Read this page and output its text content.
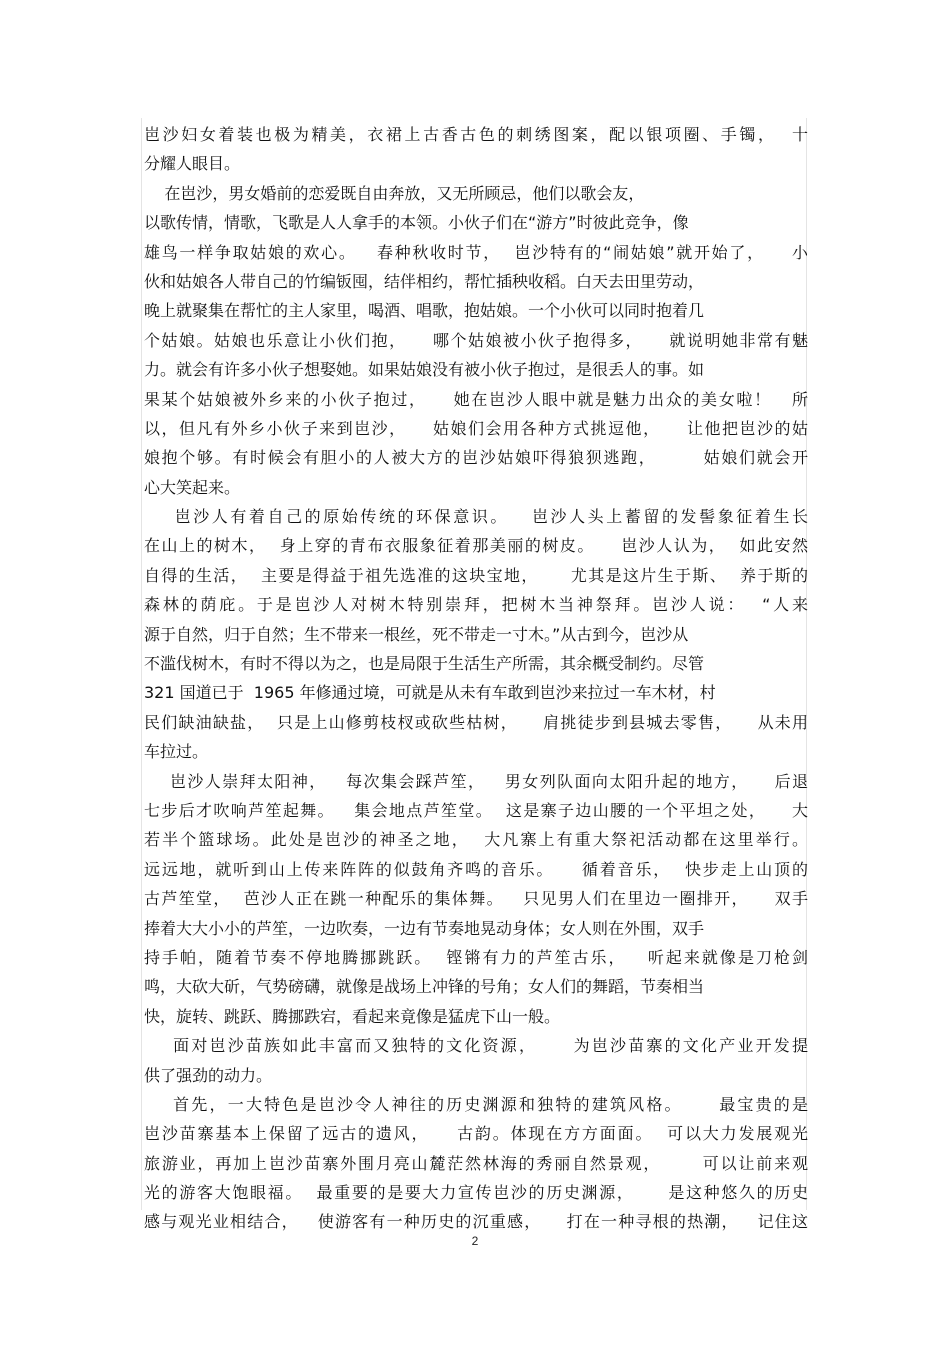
岜沙妇女着装也极为精美，衣裙上古香古色的刺绣图案，配以银项圈、手镯，  十
分耀人眼目。
在岜沙，男女婚前的恋爱既自由奔放，又无所顾忌，他们以歌会友，
以歌传情，情歌，飞歌是人人拿手的本领。小伙子们在“游方”时彼此竞争，像
雄鸟一样争取姑娘的欢心。   春种秋收时节，  岜沙特有的“闹姑娘”就开始了，    小
伙和姑娘各人带自己的竹编钣囤，结伴相约，帮忙插秧收稻。白天去田里劳动，
晚上就聚集在帮忙的主人家里，喝酒、唱歌，抱姑娘。一个小伙可以同时抱着几
个姑娘。姑娘也乐意让小伙们抱，    哪个姑娘被小伙子抱得多，    就说明她非常有魅
力。就会有许多小伙子想娶她。如果姑娘没有被小伙子抱过，是很丢人的事。如
果某个姑娘被外乡来的小伙子抱过，    她在岜沙人眼中就是魅力出众的美女啦！   所
以，但凡有外乡小伙子来到岜沙，    姑娘们会用各种方式挑逗他，    让他把岜沙的姑
娘抱个够。有时候会有胆小的人被大方的岜沙姑娘吓得狼狈逃跑，       姑娘们就会开
心大笑起来。
岜沙人有着自己的原始传统的环保意识。   岜沙人头上蓄留的发髻象征着生长
在山上的树木，  身上穿的青布衣服象征着那美丽的树皮。    岜沙人认为，  如此安然
自得的生活，  主要是得益于祖先选准的这块宝地，     尤其是这片生于斯、  养于斯的
森林的荫庇。于是岜沙人对树木特别崇拜，把树木当神祭拜。岜沙人说：  “人来
源于自然，归于自然；生不带来一根丝，死不带走一寸木。”从古到今，岜沙从
不滥伐树木，有时不得以为之，也是局限于生活生产所需，其余概受制约。尽管
321 国道已于  1965 年修通过境，可就是从未有车敢到岜沙来拉过一车木材，村
民们缺油缺盐，  只是上山修剪枝杈或砍些枯树，    肩挑徒步到县城去零售，    从未用
车拉过。
岜沙人崇拜太阳神，   每次集会踩芦笙，   男女列队面向太阳升起的地方，    后退
七步后才吹响芦笙起舞。   集会地点芦笙堂。  这是寨子边山腰的一个平坦之处，    大
若半个篮球场。此处是岜沙的神圣之地，  大凡寨上有重大祭祀活动都在这里举行。
远远地，就听到山上传来阵阵的似鼓角齐鸣的音乐。    循着音乐，  快步走上山顶的
古芦笙堂，  芭沙人正在跳一种配乐的集体舞。   只见男人们在里边一圈排开，    双手
捧着大大小小的芦笙，一边吹奏，一边有节奏地晃动身体；女人则在外围，双手
持手帕，随着节奏不停地腾挪跳跃。  铿锵有力的芦笙古乐，   听起来就像是刀枪剑
鸣，大砍大斫，气势磅礴，就像是战场上冲锋的号角；女人们的舞蹈，节奏相当
快，旋转、跳跃、腾挪跌宕，看起来竟像是猛虎下山一般。
面对岜沙苗族如此丰富而又独特的文化资源，     为岜沙苗寨的文化产业开发提
供了强劲的动力。
首先，一大特色是岜沙令人神往的历史渊源和独特的建筑风格。     最宝贵的是
岜沙苗寨基本上保留了远古的遗风，    古韵。体现在方方面面。  可以大力发展观光
旅游业，再加上岜沙苗寨外围月亮山麓茫然林海的秀丽自然景观，      可以让前来观
光的游客大饱眼福。  最重要的是要大力宣传岜沙的历史渊源，     是这种悠久的历史
感与观光业相结合，   使游客有一种历史的沉重感，    打在一种寻根的热潮，   记住这
2
